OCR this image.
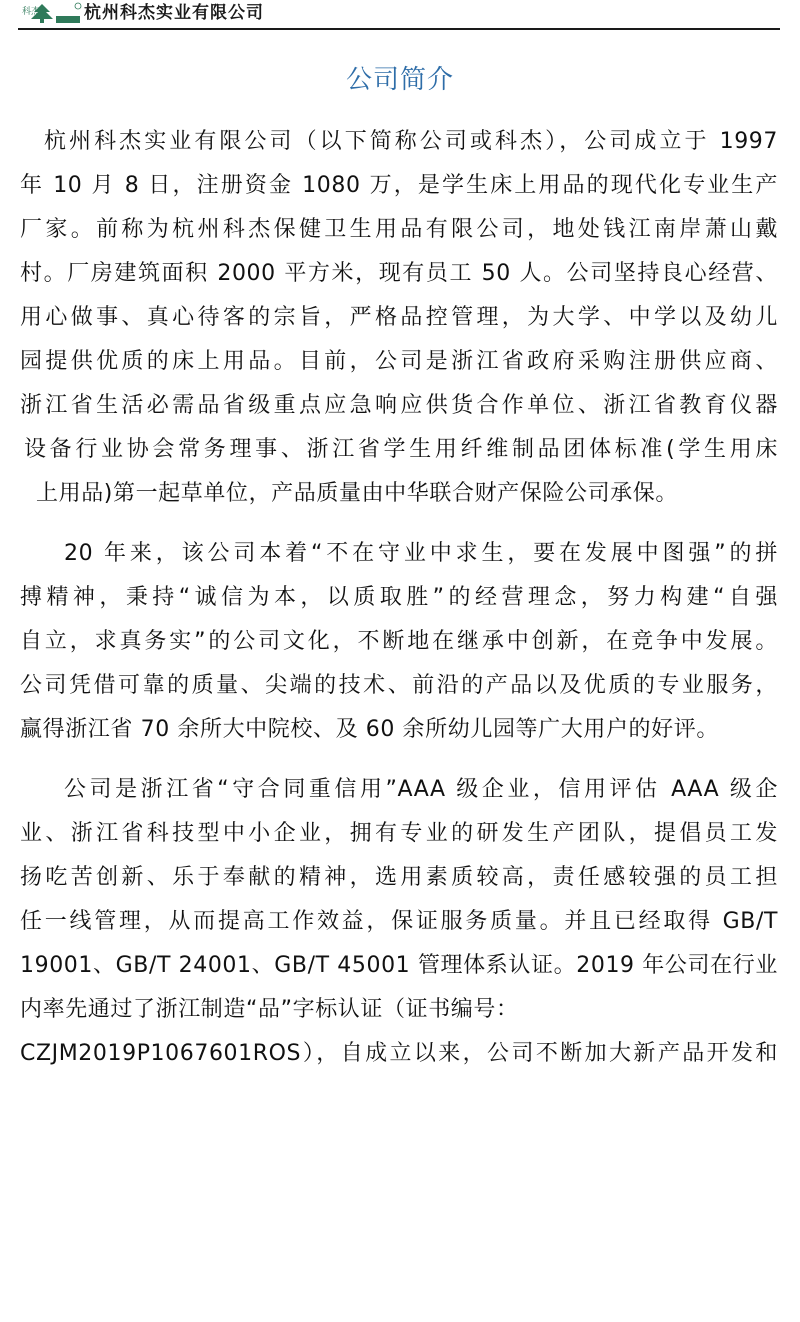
科杰	杭州科杰实业有限公司
公司简介
杭州科杰实业有限公司（以下简称公司或科杰），公司成立于 1997
年 10 月 8 日，注册资金 1080 万，是学生床上用品的现代化专业生产
厂家。前称为杭州科杰保健卫生用品有限公司，地处钱江南岸萧山戴
村。厂房建筑面积 2000 平方米，现有员工 50 人。公司坚持良心经营、
用心做事、真心待客的宗旨，严格品控管理，为大学、中学以及幼儿
园提供优质的床上用品。目前，公司是浙江省政府采购注册供应商、
浙江省生活必需品省级重点应急响应供货合作单位、浙江省教育仪器
设备行业协会常务理事、浙江省学生用纤维制品团体标准(学生用床
上用品)第一起草单位，产品质量由中华联合财产保险公司承保。
20 年来，该公司本着“不在守业中求生，要在发展中图强”的拼
搏精神，秉持“诚信为本，以质取胜”的经营理念，努力构建“自强
自立，求真务实”的公司文化，不断地在继承中创新，在竞争中发展。
公司凭借可靠的质量、尖端的技术、前沿的产品以及优质的专业服务，
赢得浙江省 70 余所大中院校、及 60 余所幼儿园等广大用户的好评。
公司是浙江省“守合同重信用”AAA 级企业，信用评估 AAA 级企
业、浙江省科技型中小企业，拥有专业的研发生产团队，提倡员工发
扬吃苦创新、乐于奉献的精神，选用素质较高，责任感较强的员工担
任一线管理，从而提高工作效益，保证服务质量。并且已经取得 GB/T
19001、GB/T 24001、GB/T 45001 管理体系认证。2019 年公司在行业
内率先通过了浙江制造“品”字标认证（证书编号：
CZJM2019P1067601ROS），自成立以来，公司不断加大新产品开发和
